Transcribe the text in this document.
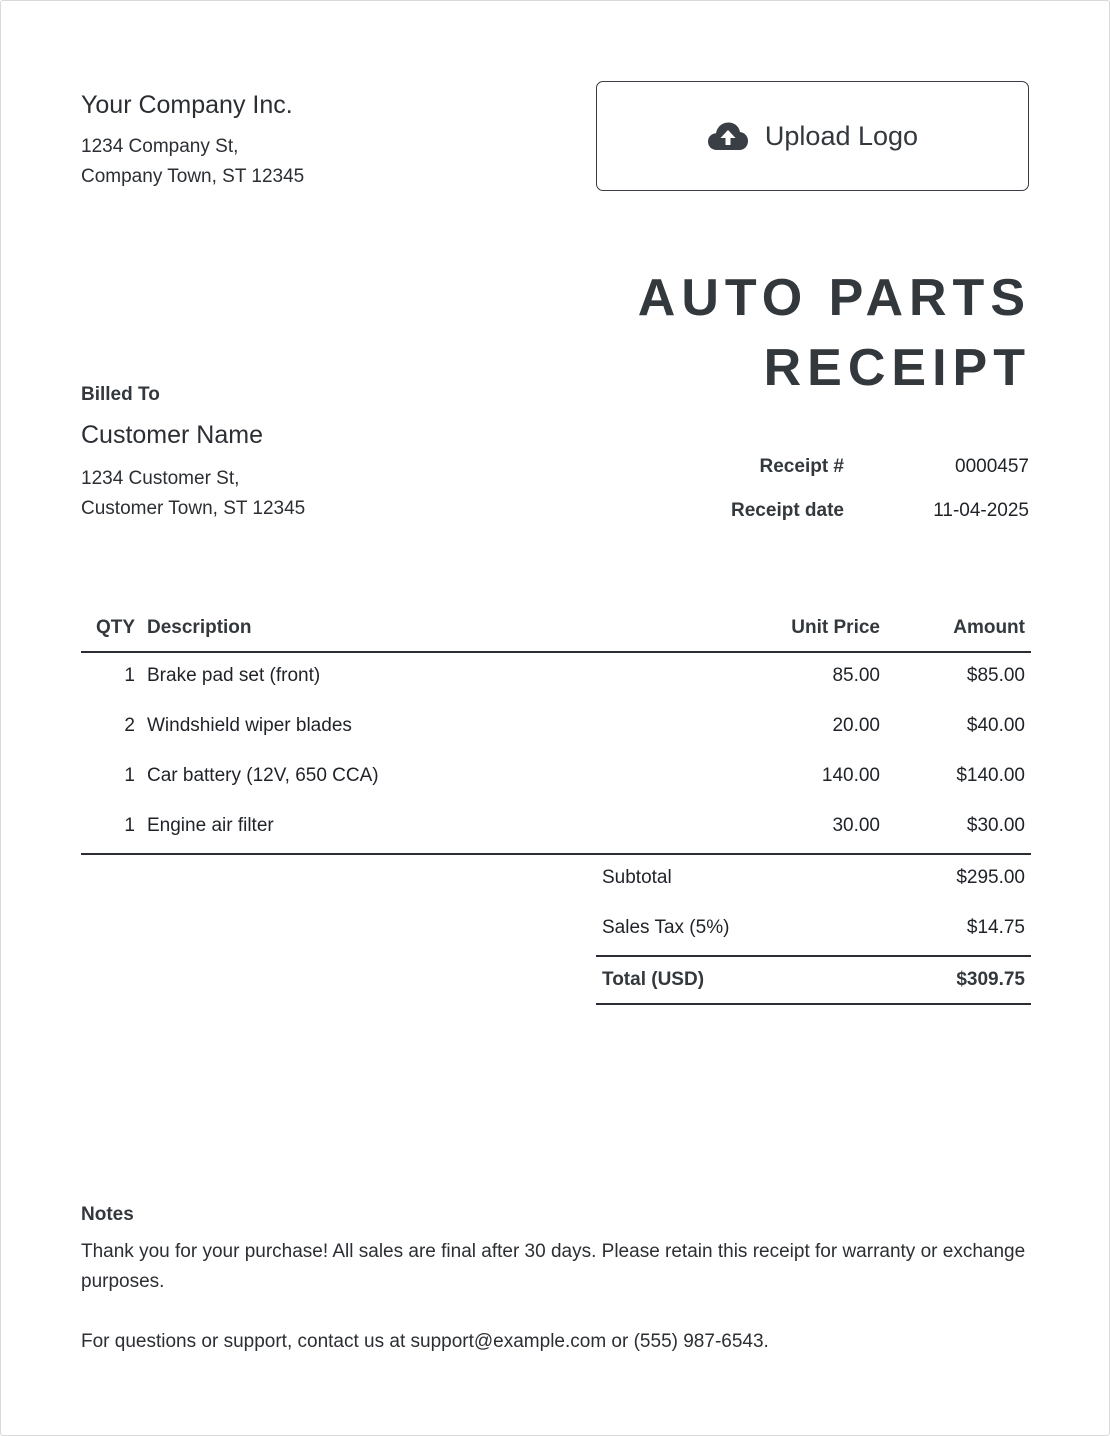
Your Company Inc.
1234 Company St,
Company Town, ST 12345
Upload Logo
AUTO PARTS
RECEIPT
Billed To
Customer Name
1234 Customer St,
Customer Town, ST 12345
Receipt #	0000457
Receipt date	11-04-2025
QTY Description	Unit Price	Amount
1 Brake pad set (front)	85.00	$85.00
2 Windshield wiper blades	20.00	$40.00
1 Car battery (12V, 650 CCA)	140.00	$140.00
1 Engine air filter	30.00	$30.00
Subtotal	$295.00
Sales Tax (5%)	$14.75
Total (USD)	$309.75
Notes
Thank you for your purchase! All sales are final after 30 days. Please retain this receipt for warranty or exchange purposes.
For questions or support, contact us at support@example.com or (555) 987-6543.
